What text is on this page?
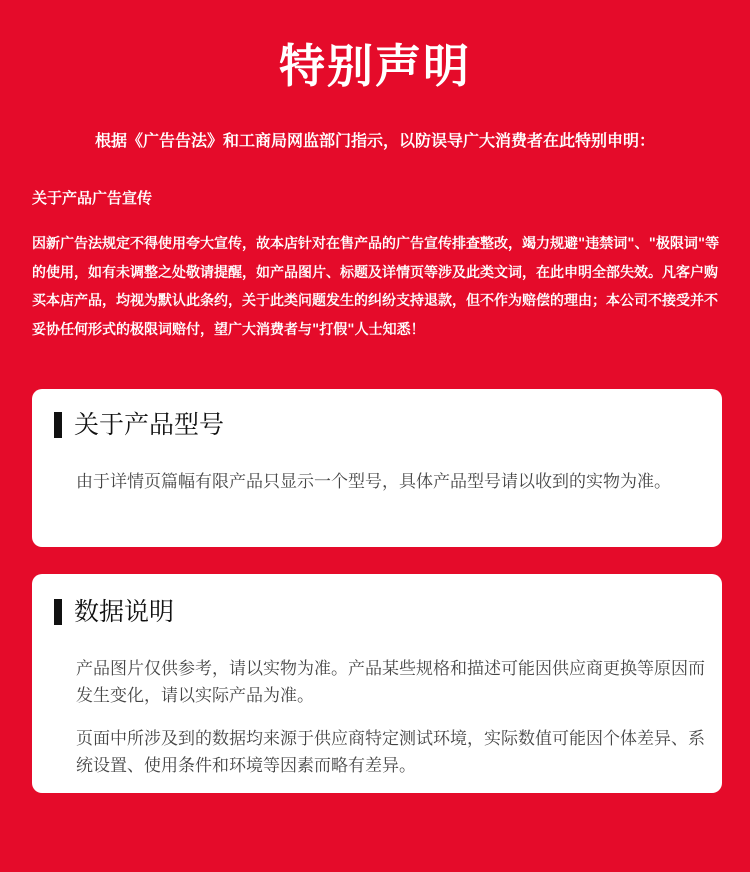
特别声明
根据《广告告法》和工商局网监部门指示，以防误导广大消费者在此特别申明：
关于产品广告宣传

因新广告法规定不得使用夸大宣传，故本店针对在售产品的广告宣传排查整改，竭力规避"违禁词"、"极限词"等的使用，如有未调整之处敬请提醒，如产品图片、标题及详情页等涉及此类文词，在此申明全部失效。凡客户购买本店产品，均视为默认此条约，关于此类问题发生的纠纷支持退款，但不作为赔偿的理由；本公司不接受并不妥协任何形式的极限词赔付，望广大消费者与"打假"人士知悉！

关于产品型号

由于详情页篇幅有限产品只显示一个型号，具体产品型号请以收到的实物为准。

数据说明

产品图片仅供参考，请以实物为准。产品某些规格和描述可能因供应商更换等原因而发生变化，请以实际产品为准。

页面中所涉及到的数据均来源于供应商特定测试环境，实际数值可能因个体差异、系统设置、使用条件和环境等因素而略有差异。
